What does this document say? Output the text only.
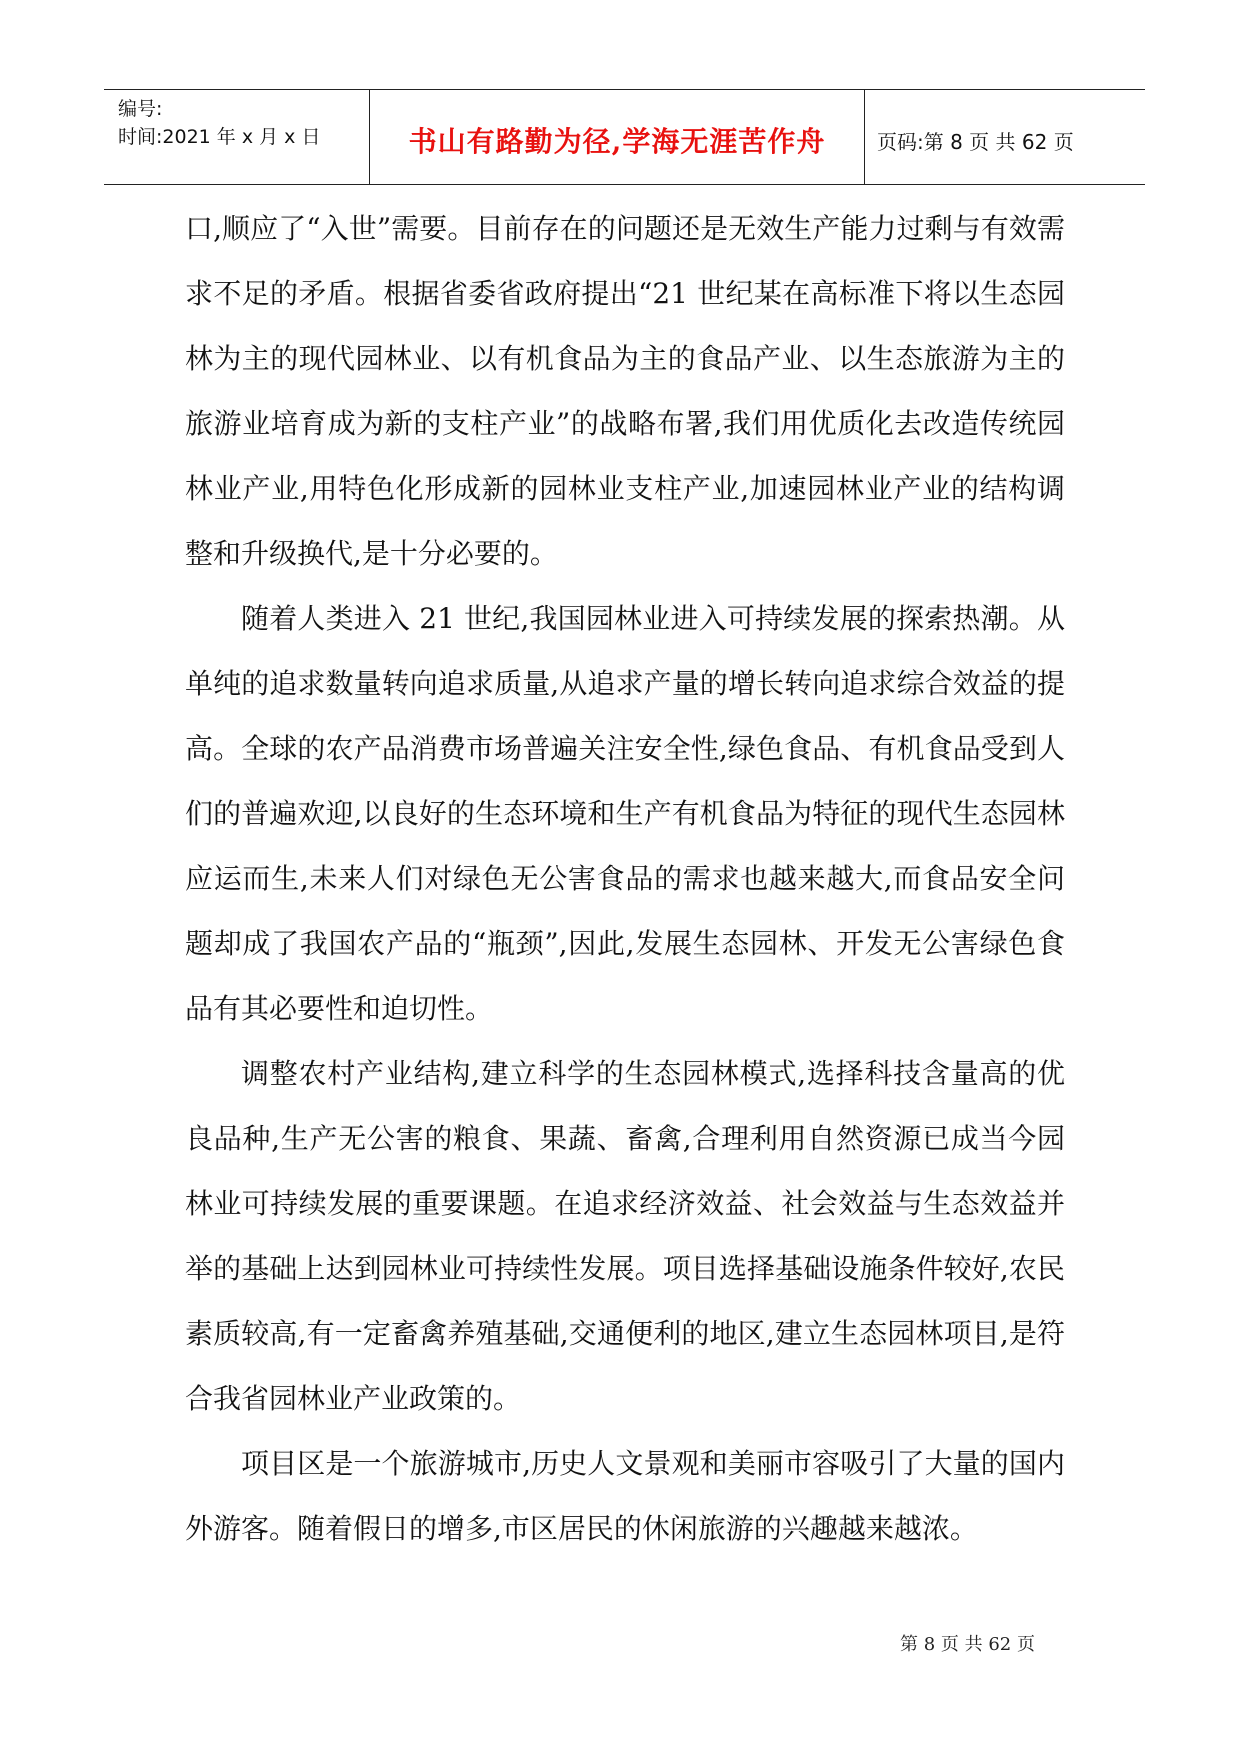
编号:
时间:2021 年 x 月 x 日	书山有路勤为径,学海无涯苦作舟	页码:第 8 页 共 62 页

口,顺应了“入世”需要。目前存在的问题还是无效生产能力过剩与有效需求不足的矛盾。根据省委省政府提出“21 世纪某在高标准下将以生态园林为主的现代园林业、以有机食品为主的食品产业、以生态旅游为主的旅游业培育成为新的支柱产业”的战略布署,我们用优质化去改造传统园林业产业,用特色化形成新的园林业支柱产业,加速园林业产业的结构调整和升级换代,是十分必要的。

随着人类进入 21 世纪,我国园林业进入可持续发展的探索热潮。从单纯的追求数量转向追求质量,从追求产量的增长转向追求综合效益的提高。全球的农产品消费市场普遍关注安全性,绿色食品、有机食品受到人们的普遍欢迎,以良好的生态环境和生产有机食品为特征的现代生态园林应运而生,未来人们对绿色无公害食品的需求也越来越大,而食品安全问题却成了我国农产品的“瓶颈”,因此,发展生态园林、开发无公害绿色食品有其必要性和迫切性。

调整农村产业结构,建立科学的生态园林模式,选择科技含量高的优良品种,生产无公害的粮食、果蔬、畜禽,合理利用自然资源已成当今园林业可持续发展的重要课题。在追求经济效益、社会效益与生态效益并举的基础上达到园林业可持续性发展。项目选择基础设施条件较好,农民素质较高,有一定畜禽养殖基础,交通便利的地区,建立生态园林项目,是符合我省园林业产业政策的。

项目区是一个旅游城市,历史人文景观和美丽市容吸引了大量的国内外游客。随着假日的增多,市区居民的休闲旅游的兴趣越来越浓。

第 8 页 共 62 页
